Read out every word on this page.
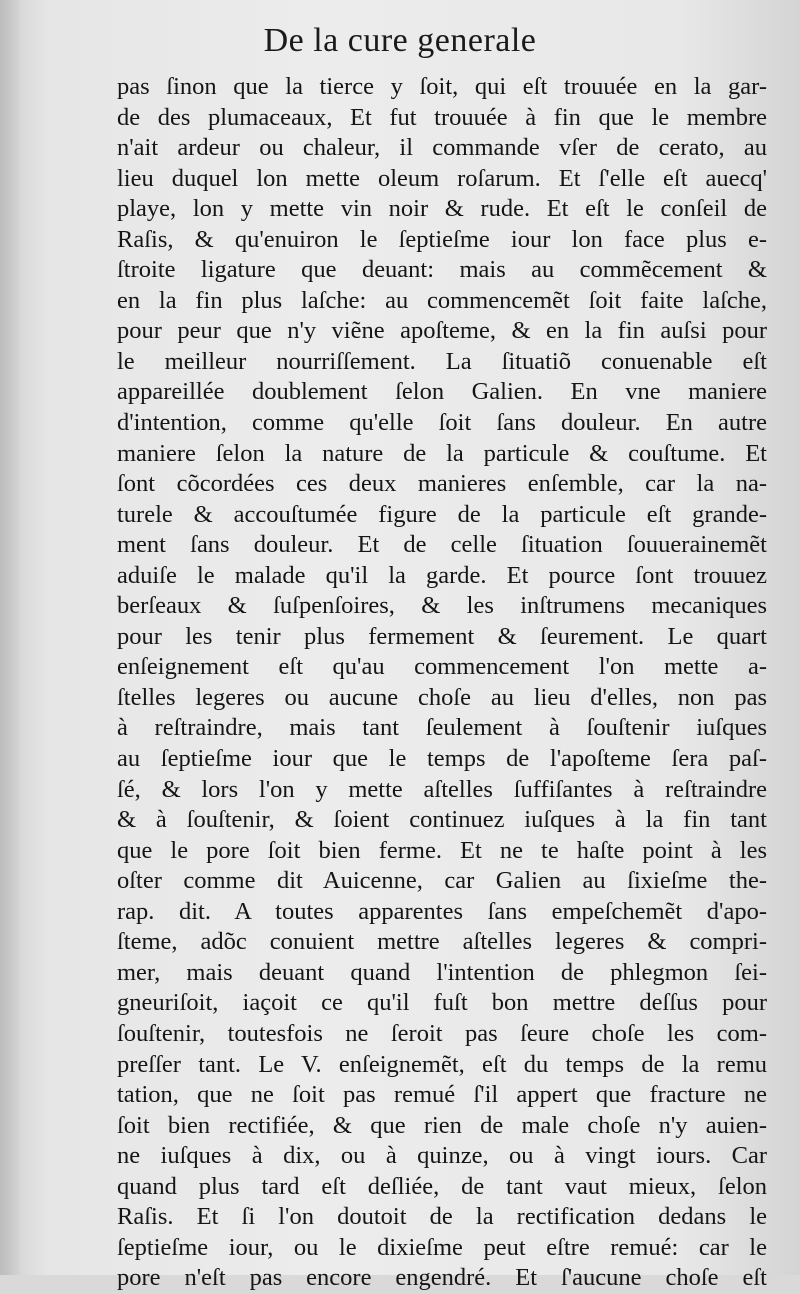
De la cure generale
pas ſinon que la tierce y ſoit, qui eſt trouuée en la gar-
de des plumaceaux, Et fut trouuée à fin que le membre
n'ait ardeur ou chaleur, il commande vſer de cerato, au
lieu duquel lon mette oleum roſarum. Et ſ'elle eſt auecq'
playe, lon y mette vin noir & rude. Et eſt le conſeil de
Raſis, & qu'enuiron le ſeptieſme iour lon face plus e-
ſtroite ligature que deuant: mais au commẽcement &
en la fin plus laſche: au commencemẽt ſoit faite laſche,
pour peur que n'y viẽne apoſteme, & en la fin auſsi pour
le meilleur nourriſſement. La ſituatiõ conuenable eſt
appareillée doublement ſelon Galien. En vne maniere
d'intention, comme qu'elle ſoit ſans douleur. En autre
maniere ſelon la nature de la particule & couſtume. Et
ſont cõcordées ces deux manieres enſemble, car la na-
turele & accouſtumée figure de la particule eſt grande-
ment ſans douleur. Et de celle ſituation ſouuerainemẽt
aduiſe le malade qu'il la garde. Et pource ſont trouuez
berſeaux & ſuſpenſoires, & les inſtrumens mecaniques
pour les tenir plus fermement & ſeurement. Le quart
enſeignement eſt qu'au commencement l'on mette a-
ſtelles legeres ou aucune choſe au lieu d'elles, non pas
à reſtraindre, mais tant ſeulement à ſouſtenir iuſques
au ſeptieſme iour que le temps de l'apoſteme ſera paſ-
ſé, & lors l'on y mette aſtelles ſuffiſantes à reſtraindre
& à ſouſtenir, & ſoient continuez iuſques à la fin tant
que le pore ſoit bien ferme. Et ne te haſte point à les
oſter comme dit Auicenne, car Galien au ſixieſme the-
rap. dit. A toutes apparentes ſans empeſchemẽt d'apo-
ſteme, adõc conuient mettre aſtelles legeres & compri-
mer, mais deuant quand l'intention de phlegmon ſei-
gneuriſoit, iaçoit ce qu'il fuſt bon mettre deſſus pour
ſouſtenir, toutesfois ne ſeroit pas ſeure choſe les com-
preſſer tant. Le V. enſeignemẽt, eſt du temps de la remu
tation, que ne ſoit pas remué ſ'il appert que fracture ne
ſoit bien rectifiée, & que rien de male choſe n'y auien-
ne iuſques à dix, ou à quinze, ou à vingt iours. Car
quand plus tard eſt deſliée, de tant vaut mieux, ſelon
Raſis. Et ſi l'on doutoit de la rectification dedans le
ſeptieſme iour, ou le dixieſme peut eſtre remué: car le
pore n'eſt pas encore engendré. Et ſ'aucune choſe eſt
